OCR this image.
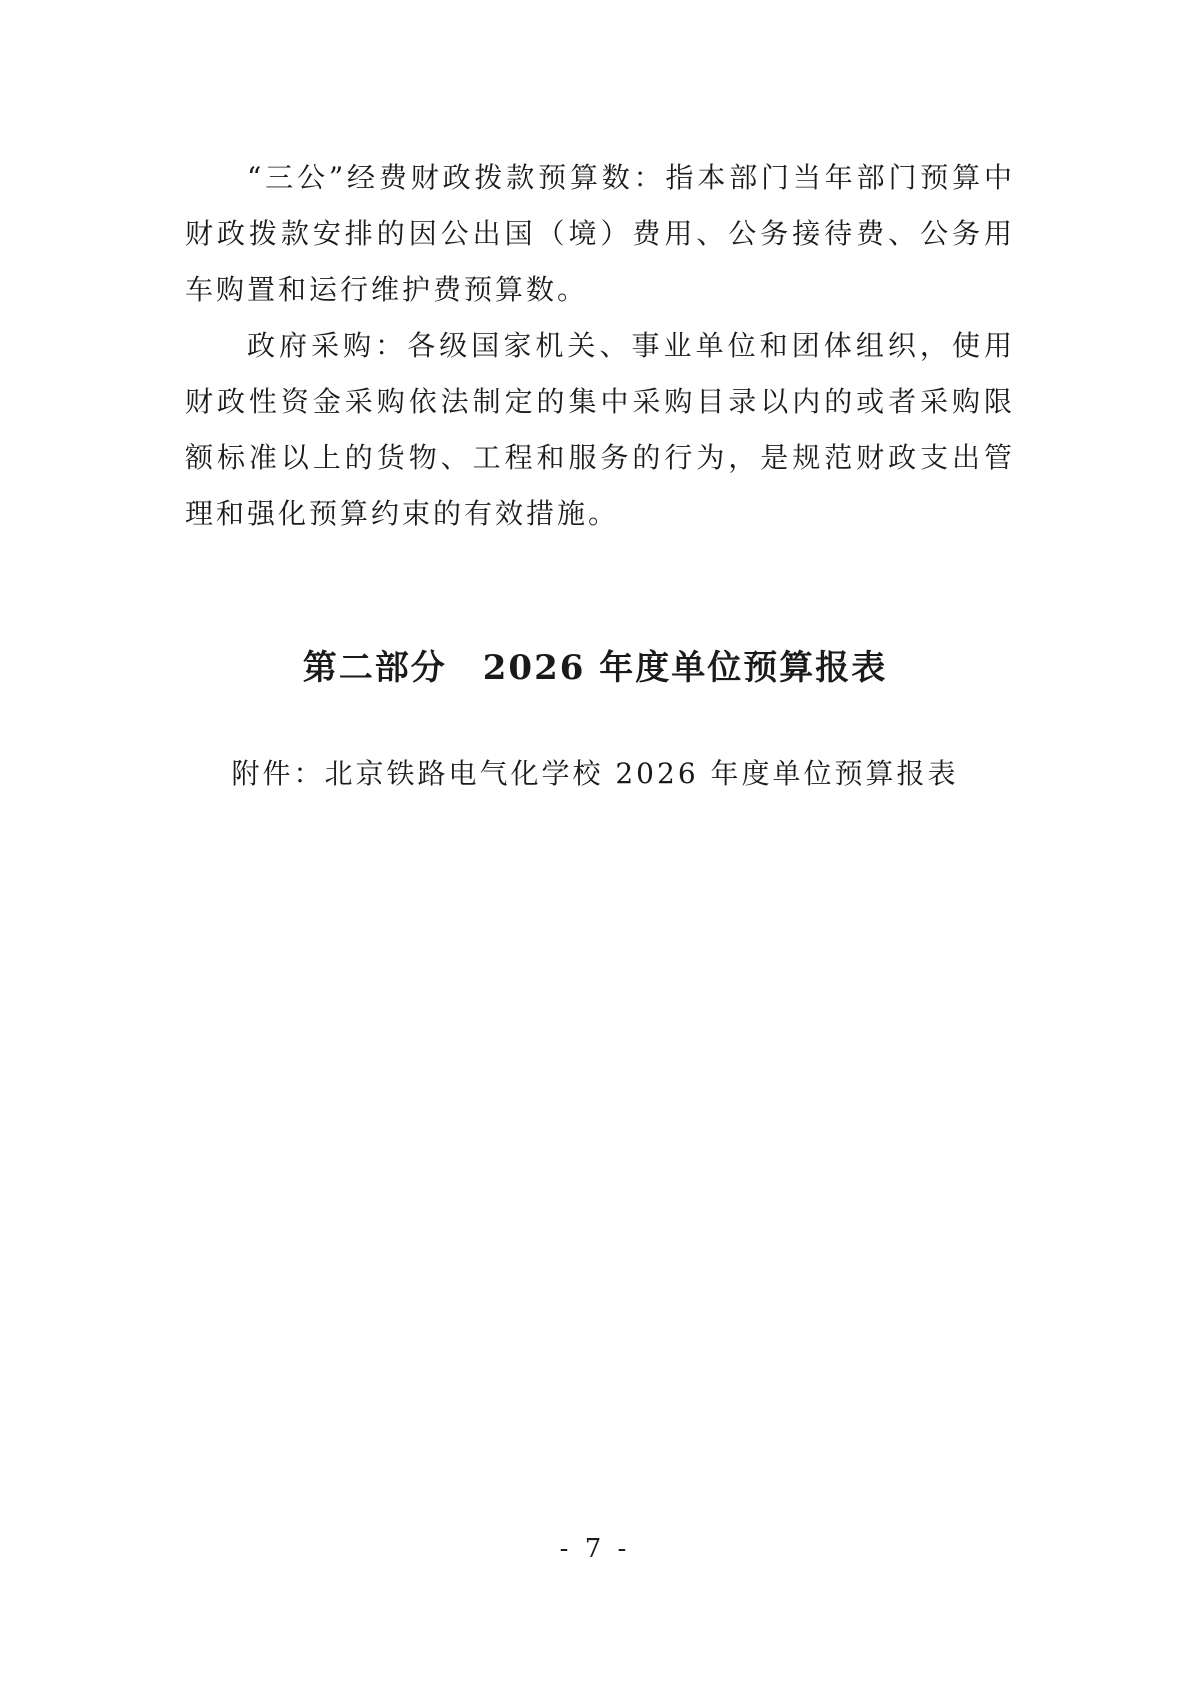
“三公”经费财政拨款预算数：指本部门当年部门预算中财政拨款安排的因公出国（境）费用、公务接待费、公务用车购置和运行维护费预算数。

政府采购：各级国家机关、事业单位和团体组织，使用财政性资金采购依法制定的集中采购目录以内的或者采购限额标准以上的货物、工程和服务的行为，是规范财政支出管理和强化预算约束的有效措施。

第二部分　2026 年度单位预算报表

附件：北京铁路电气化学校 2026 年度单位预算报表

- 7 -
